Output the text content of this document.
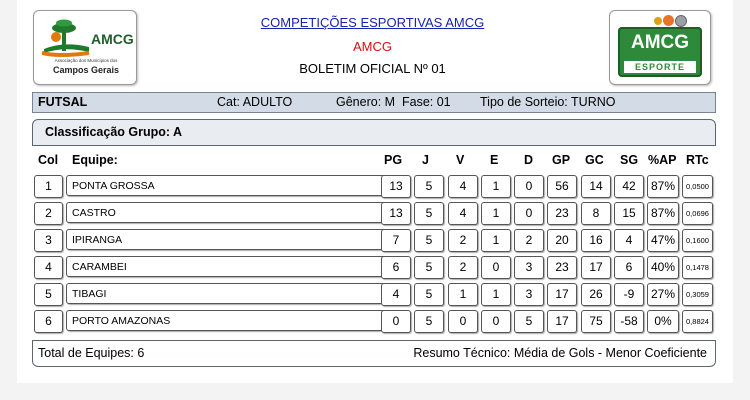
AMCG
Associação dos Municípios dos
Campos Gerais
AMCG
ESPORTE
COMPETIÇÕES ESPORTIVAS AMCG
AMCG
BOLETIM OFICIAL Nº 01
FUTSAL	Cat: ADULTO	Gênero: M Fase: 01 Tipo de Sorteio: TURNO
Classificação Grupo: A
Col Equipe:	PG J V E D GP GC SG %AP RTc
1	PONTA GROSSA	13	5	4	1	0	56	14	42	87%	0,0500
2	CASTRO	13	5	4	1	0	23	8	15	87%	0,0696
3	IPIRANGA	7	5	2	1	2	20	16	4	47%	0,1600
4	CARAMBEI	6	5	2	0	3	23	17	6	40%	0,1478
5	TIBAGI	4	5	1	1	3	17	26	-9	27%	0,3059
6	PORTO AMAZONAS	0	5	0	0	5	17	75	-58	0%	0,8824
Total de Equipes: 6	Resumo Técnico: Média de Gols - Menor Coeficiente
